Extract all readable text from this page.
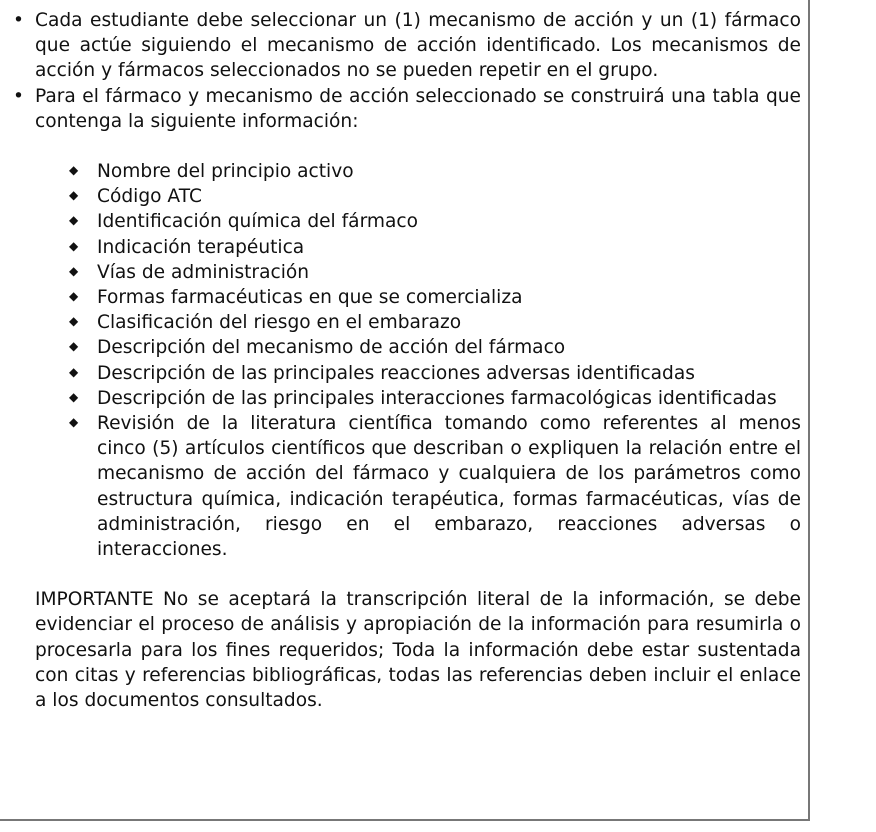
• Cada estudiante debe seleccionar un (1) mecanismo de acción y un (1) fármaco que actúe siguiendo el mecanismo de acción identificado. Los mecanismos de acción y fármacos seleccionados no se pueden repetir en el grupo.
• Para el fármaco y mecanismo de acción seleccionado se construirá una tabla que contenga la siguiente información:
◆ Nombre del principio activo
◆ Código ATC
◆ Identificación química del fármaco
◆ Indicación terapéutica
◆ Vías de administración
◆ Formas farmacéuticas en que se comercializa
◆ Clasificación del riesgo en el embarazo
◆ Descripción del mecanismo de acción del fármaco
◆ Descripción de las principales reacciones adversas identificadas
◆ Descripción de las principales interacciones farmacológicas identificadas
◆ Revisión de la literatura científica tomando como referentes al menos cinco (5) artículos científicos que describan o expliquen la relación entre el mecanismo de acción del fármaco y cualquiera de los parámetros como estructura química, indicación terapéutica, formas farmacéuticas, vías de administración, riesgo en el embarazo, reacciones adversas o interacciones.

IMPORTANTE No se aceptará la transcripción literal de la información, se debe evidenciar el proceso de análisis y apropiación de la información para resumirla o procesarla para los fines requeridos; Toda la información debe estar sustentada con citas y referencias bibliográficas, todas las referencias deben incluir el enlace a los documentos consultados.
